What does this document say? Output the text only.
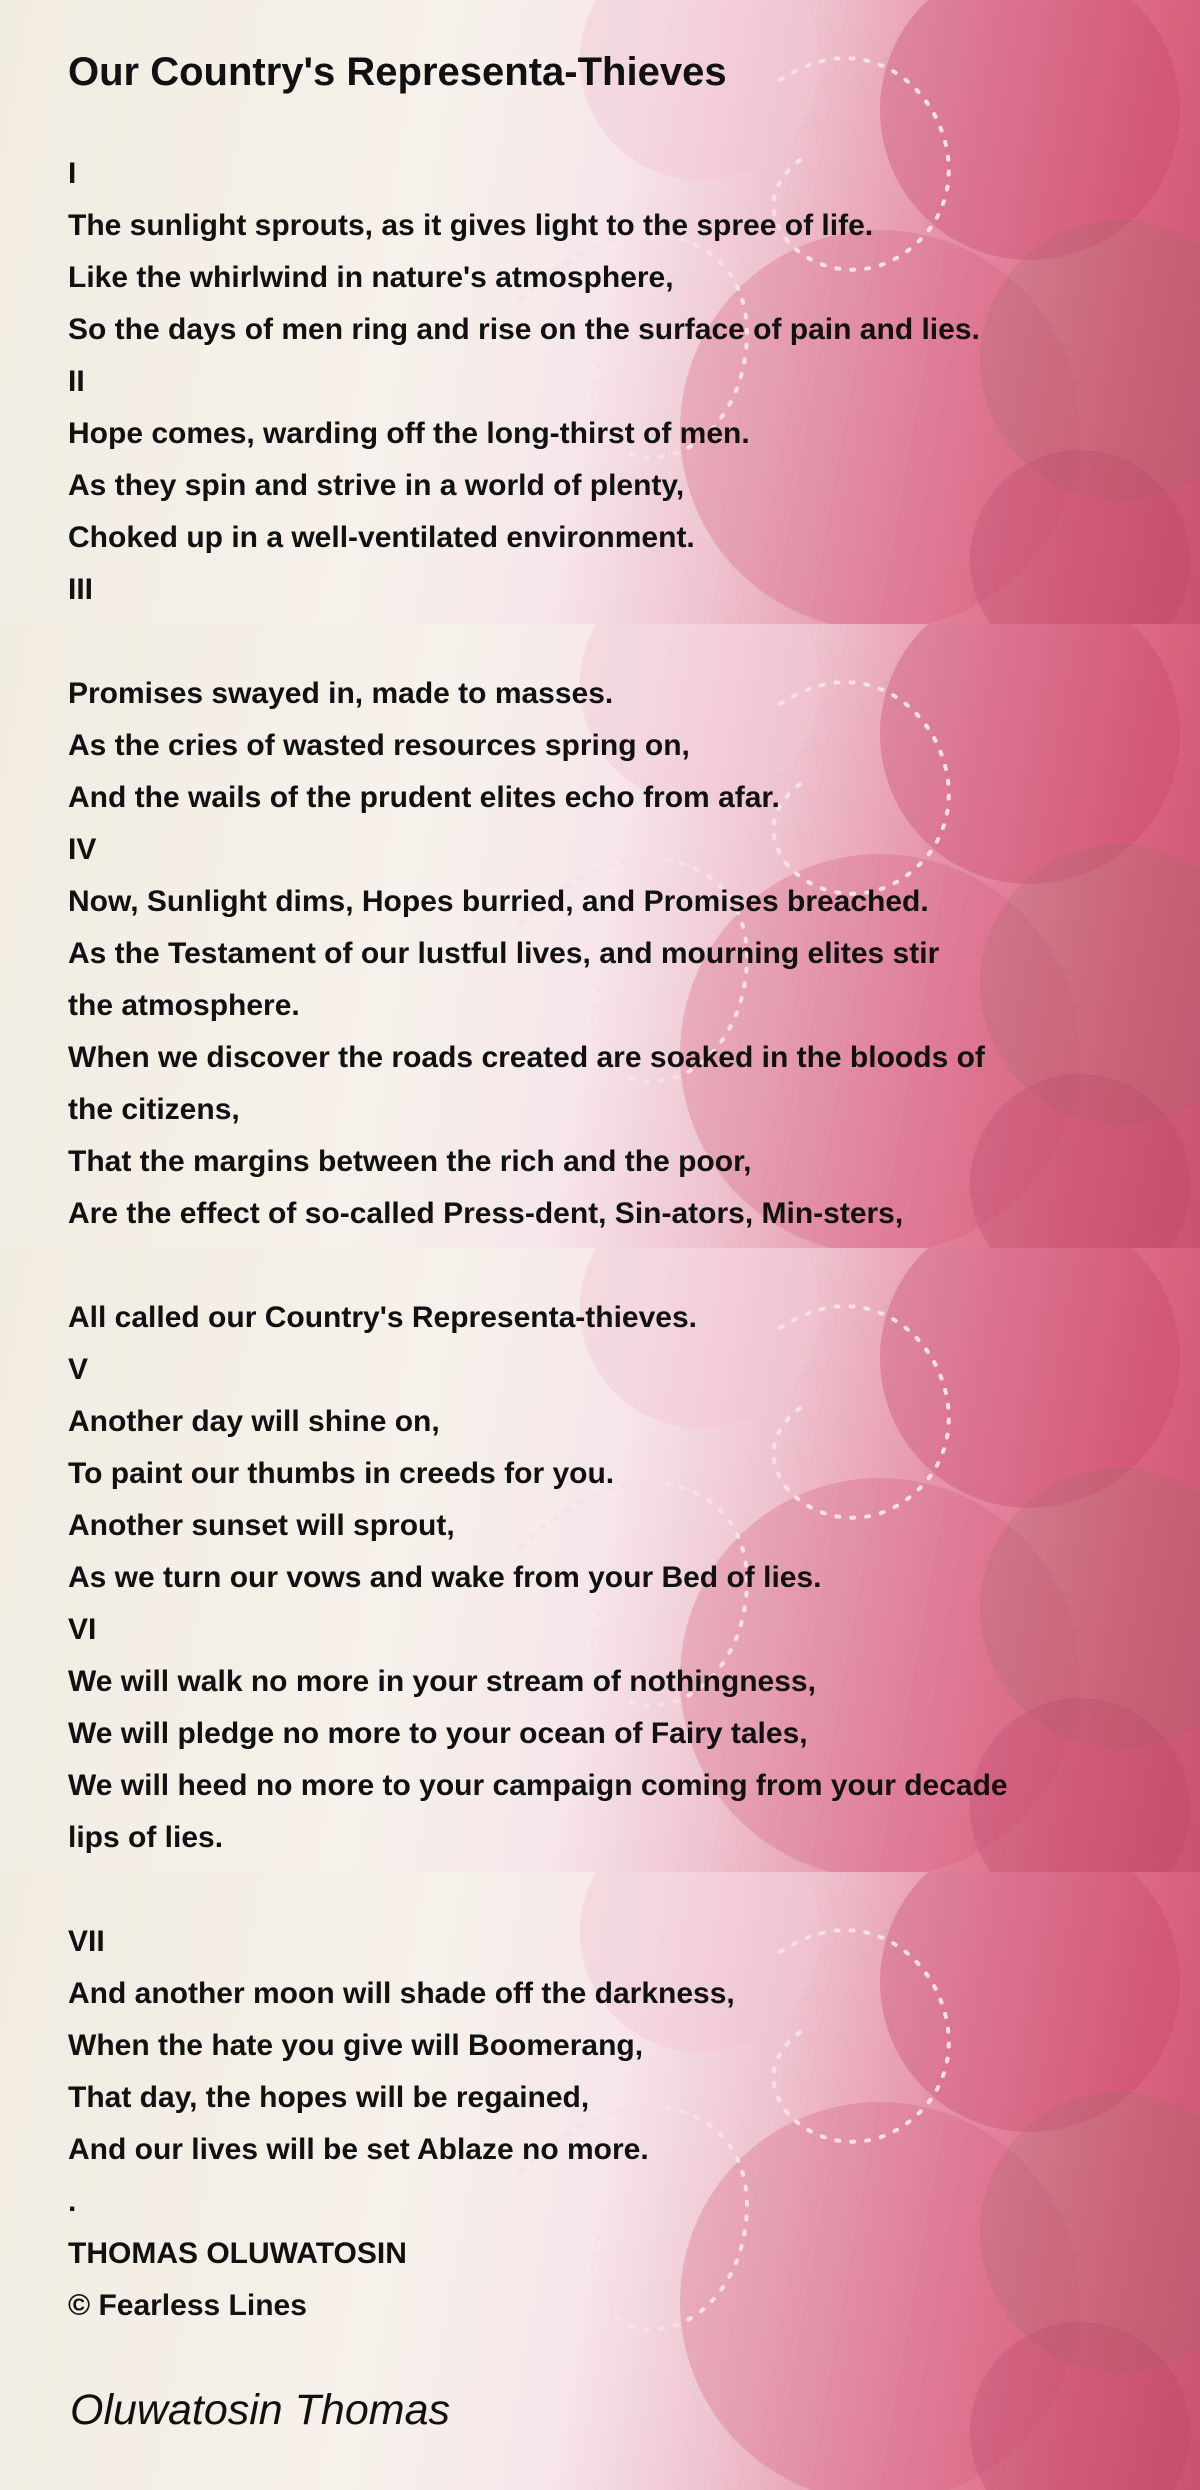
Our Country's Representa-Thieves
I
The sunlight sprouts, as it gives light to the spree of life.
Like the whirlwind in nature's atmosphere,
So the days of men ring and rise on the surface of pain and lies.
II
Hope comes, warding off the long-thirst of men.
As they spin and strive in a world of plenty,
Choked up in a well-ventilated environment.
III
Promises swayed in, made to masses.
As the cries of wasted resources spring on,
And the wails of the prudent elites echo from afar.
IV
Now, Sunlight dims, Hopes burried, and Promises breached.
As the Testament of our lustful lives, and mourning elites stir
the atmosphere.
When we discover the roads created are soaked in the bloods of
the citizens,
That the margins between the rich and the poor,
Are the effect of so-called Press-dent, Sin-ators, Min-sters,
All called our Country's Representa-thieves.
V
Another day will shine on,
To paint our thumbs in creeds for you.
Another sunset will sprout,
As we turn our vows and wake from your Bed of lies.
VI
We will walk no more in your stream of nothingness,
We will pledge no more to your ocean of Fairy tales,
We will heed no more to your campaign coming from your decade
lips of lies.
VII
And another moon will shade off the darkness,
When the hate you give will Boomerang,
That day, the hopes will be regained,
And our lives will be set Ablaze no more.
.
THOMAS OLUWATOSIN
© Fearless Lines
Oluwatosin Thomas
